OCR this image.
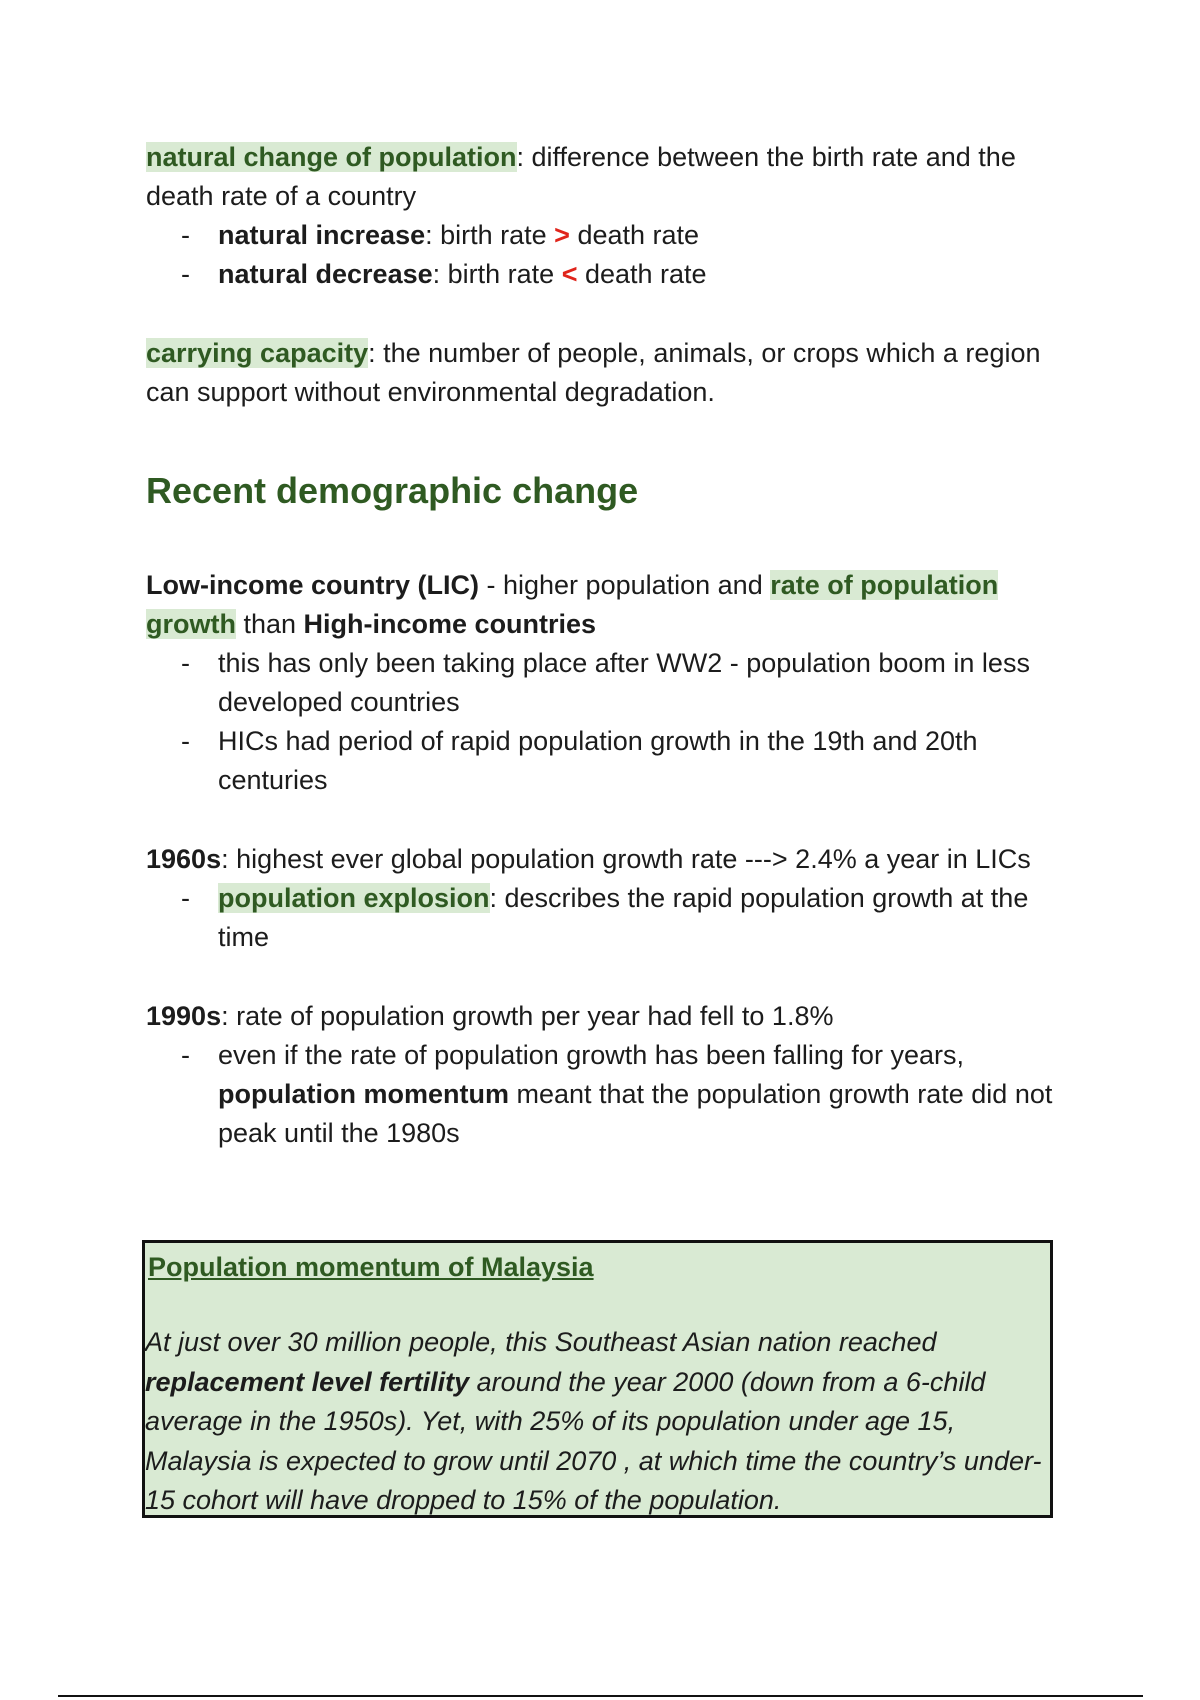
natural change of population: difference between the birth rate and the death rate of a country

- natural increase: birth rate > death rate
- natural decrease: birth rate < death rate

carrying capacity: the number of people, animals, or crops which a region can support without environmental degradation.

Recent demographic change

Low-income country (LIC) - higher population and rate of population growth than High-income countries

- this has only been taking place after WW2 - population boom in less developed countries
- HICs had period of rapid population growth in the 19th and 20th centuries

1960s: highest ever global population growth rate ---> 2.4% a year in LICs

- population explosion: describes the rapid population growth at the time

1990s: rate of population growth per year had fell to 1.8%

- even if the rate of population growth has been falling for years, population momentum meant that the population growth rate did not peak until the 1980s
Population momentum of Malaysia
At just over 30 million people, this Southeast Asian nation reached replacement level fertility around the year 2000 (down from a 6-child average in the 1950s). Yet, with 25% of its population under age 15, Malaysia is expected to grow until 2070 , at which time the country’s under-15 cohort will have dropped to 15% of the population.
